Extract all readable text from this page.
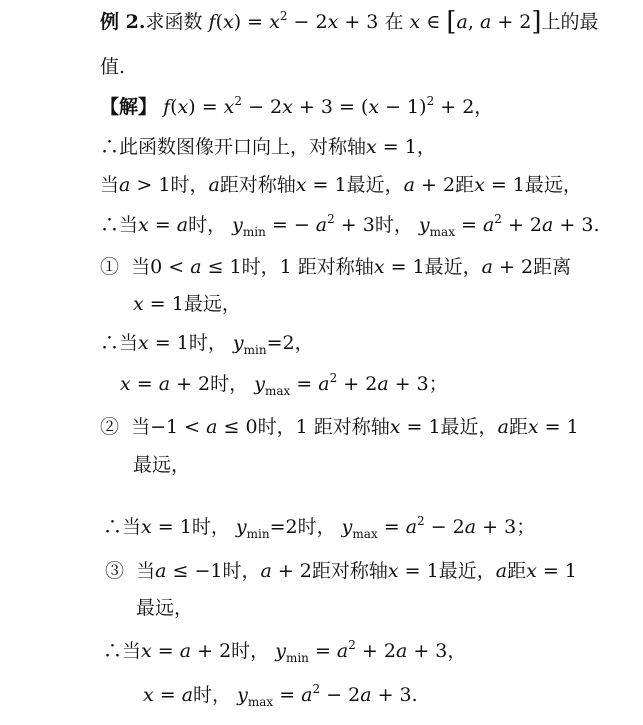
例 2.求函数 $f(x) = x^2 - 2x + 3$ 在 x ∈ [a, a + 2]上的最
值.
【解】 $f(x) = x^2 - 2x + 3 = (x - 1)^2 + 2$，
∴此函数图像开口向上，对称轴x = 1，
当a > 1时，a距对称轴x = 1最近，a + 2距x = 1最远，
∴当x = a时， $y_{min}$ = − $a^2 + 3$时， $y_{max} = a^2 + 2a + 3$.
① 当0 < a ≤ 1时，1 距对称轴x = 1最近，a + 2距离
x = 1最远，
∴当x = 1时， $y_{min}=2$，
x = a + 2时， $y_{max} = a^2 + 2a + 3$；
② 当−1 < a ≤ 0时，1 距对称轴x = 1最近，a距x = 1
最远，
∴当x = 1时， $y_{min}=2$时， $y_{max} = a^2 - 2a + 3$；
③ 当a ≤ −1时，a + 2距对称轴x = 1最近，a距x = 1
最远，
∴当x = a + 2时， $y_{min} = a^2 + 2a + 3$，
x = a时， $y_{max} = a^2 - 2a + 3$.
